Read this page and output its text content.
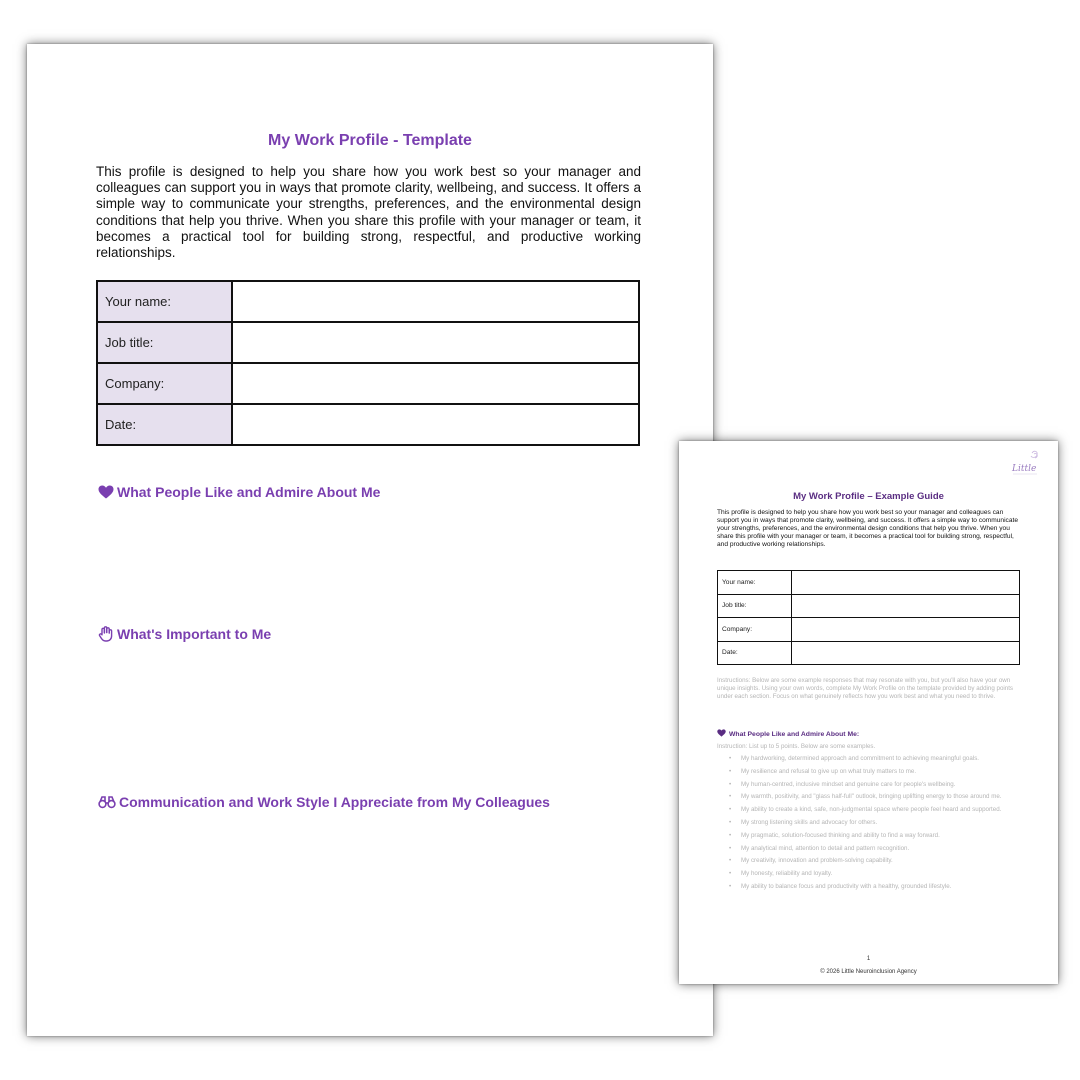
My Work Profile - Template
This profile is designed to help you share how you work best so your manager and colleagues can support you in ways that promote clarity, wellbeing, and success. It offers a simple way to communicate your strengths, preferences, and the environmental design conditions that help you thrive. When you share this profile with your manager or team, it becomes a practical tool for building strong, respectful, and productive working relationships.
Your name:	
Job title:	
Company:	
Date:	
What People Like and Admire About Me
What's Important to Me
Communication and Work Style I Appreciate from My Colleagues
Little
My Work Profile – Example Guide
This profile is designed to help you share how you work best so your manager and colleagues can support you in ways that promote clarity, wellbeing, and success. It offers a simple way to communicate your strengths, preferences, and the environmental design conditions that help you thrive. When you share this profile with your manager or team, it becomes a practical tool for building strong, respectful, and productive working relationships.
Your name:	
Job title:	
Company:	
Date:	
Instructions: Below are some example responses that may resonate with you, but you'll also have your own unique insights. Using your own words, complete My Work Profile on the template provided by adding points under each section. Focus on what genuinely reflects how you work best and what you need to thrive.
What People Like and Admire About Me:
Instruction: List up to 5 points. Below are some examples.
• My hardworking, determined approach and commitment to achieving meaningful goals.
• My resilience and refusal to give up on what truly matters to me.
• My human-centred, inclusive mindset and genuine care for people's wellbeing.
• My warmth, positivity, and "glass half-full" outlook, bringing uplifting energy to those around me.
• My ability to create a kind, safe, non-judgmental space where people feel heard and supported.
• My strong listening skills and advocacy for others.
• My pragmatic, solution-focused thinking and ability to find a way forward.
• My analytical mind, attention to detail and pattern recognition.
• My creativity, innovation and problem-solving capability.
• My honesty, reliability and loyalty.
• My ability to balance focus and productivity with a healthy, grounded lifestyle.
1
© 2026 Little Neuroinclusion Agency
